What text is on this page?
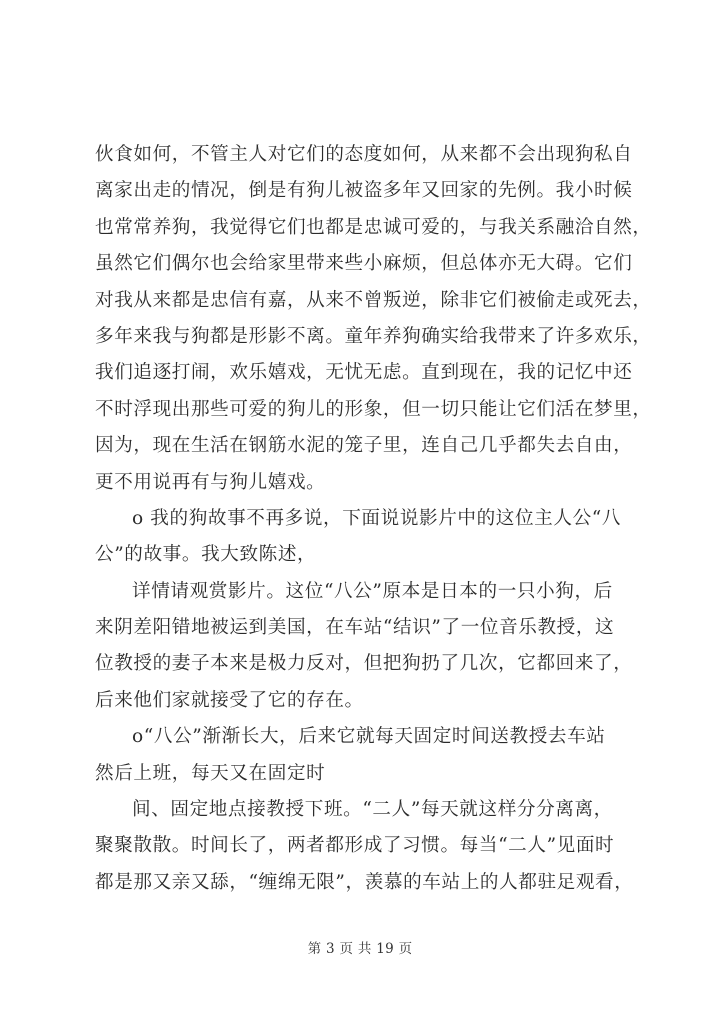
伙食如何，不管主人对它们的态度如何，从来都不会出现狗私自
离家出走的情况，倒是有狗儿被盗多年又回家的先例。我小时候
也常常养狗，我觉得它们也都是忠诚可爱的，与我关系融洽自然，
虽然它们偶尔也会给家里带来些小麻烦，但总体亦无大碍。它们
对我从来都是忠信有嘉，从来不曾叛逆，除非它们被偷走或死去，
多年来我与狗都是形影不离。童年养狗确实给我带来了许多欢乐，
我们追逐打闹，欢乐嬉戏，无忧无虑。直到现在，我的记忆中还
不时浮现出那些可爱的狗儿的形象，但一切只能让它们活在梦里，
因为，现在生活在钢筋水泥的笼子里，连自己几乎都失去自由，
更不用说再有与狗儿嬉戏。
o 我的狗故事不再多说，下面说说影片中的这位主人公“八
公”的故事。我大致陈述，
详情请观赏影片。这位“八公”原本是日本的一只小狗，后
来阴差阳错地被运到美国，在车站“结识”了一位音乐教授，这
位教授的妻子本来是极力反对，但把狗扔了几次，它都回来了，
后来他们家就接受了它的存在。
o“八公”渐渐长大，后来它就每天固定时间送教授去车站
然后上班，每天又在固定时
间、固定地点接教授下班。“二人”每天就这样分分离离，
聚聚散散。时间长了，两者都形成了习惯。每当“二人”见面时
都是那又亲又舔，“缠绵无限”，羡慕的车站上的人都驻足观看，
第 3 页 共 19 页
